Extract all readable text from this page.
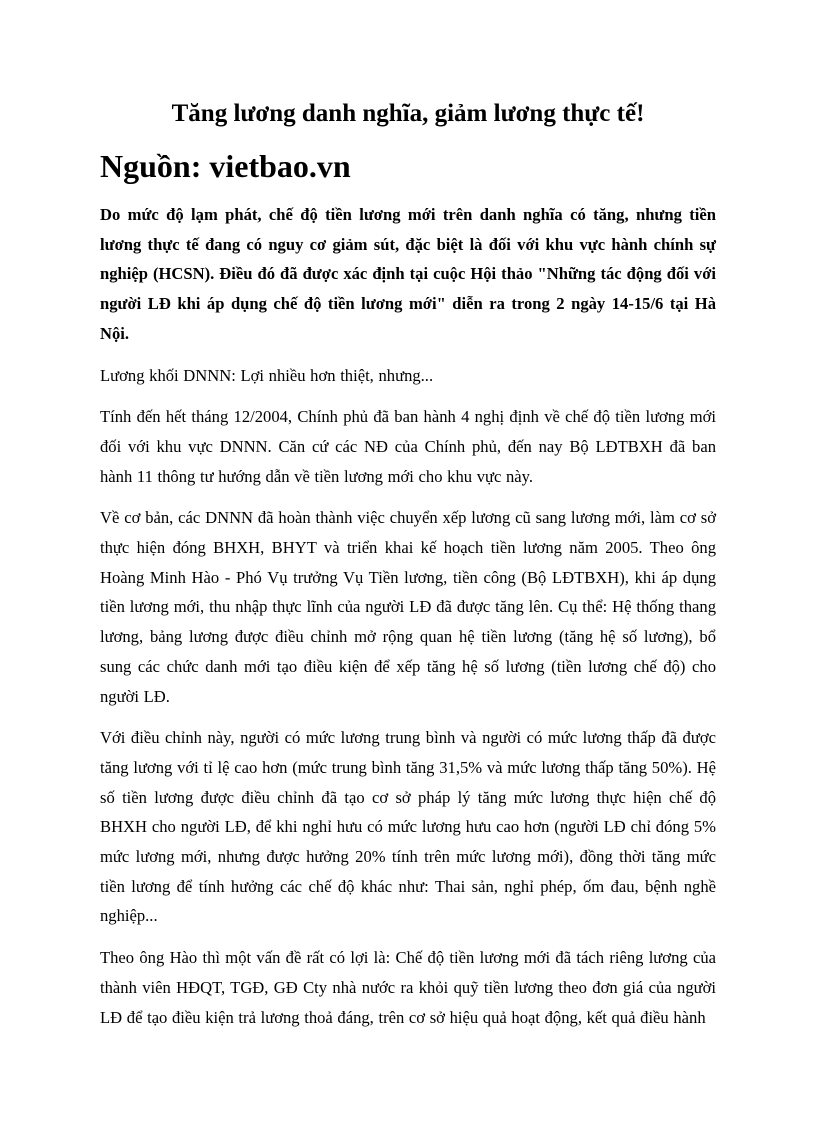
Tăng lương danh nghĩa, giảm lương thực tế!
Nguồn: vietbao.vn

Do mức độ lạm phát, chế độ tiền lương mới trên danh nghĩa có tăng, nhưng tiền lương thực tế đang có nguy cơ giảm sút, đặc biệt là đối với khu vực hành chính sự nghiệp (HCSN). Điều đó đã được xác định tại cuộc Hội thảo "Những tác động đối với người LĐ khi áp dụng chế độ tiền lương mới" diễn ra trong 2 ngày 14-15/6 tại Hà Nội.

Lương khối DNNN: Lợi nhiều hơn thiệt, nhưng...

Tính đến hết tháng 12/2004, Chính phủ đã ban hành 4 nghị định về chế độ tiền lương mới đối với khu vực DNNN. Căn cứ các NĐ của Chính phủ, đến nay Bộ LĐTBXH đã ban hành 11 thông tư hướng dẫn về tiền lương mới cho khu vực này.

Về cơ bản, các DNNN đã hoàn thành việc chuyển xếp lương cũ sang lương mới, làm cơ sở thực hiện đóng BHXH, BHYT và triển khai kế hoạch tiền lương năm 2005. Theo ông Hoàng Minh Hào - Phó Vụ trưởng Vụ Tiền lương, tiền công (Bộ LĐTBXH), khi áp dụng tiền lương mới, thu nhập thực lĩnh của người LĐ đã được tăng lên. Cụ thể: Hệ thống thang lương, bảng lương được điều chỉnh mở rộng quan hệ tiền lương (tăng hệ số lương), bổ sung các chức danh mới tạo điều kiện để xếp tăng hệ số lương (tiền lương chế độ) cho người LĐ.

Với điều chỉnh này, người có mức lương trung bình và người có mức lương thấp đã được tăng lương với tỉ lệ cao hơn (mức trung bình tăng 31,5% và mức lương thấp tăng 50%). Hệ số tiền lương được điều chỉnh đã tạo cơ sở pháp lý tăng mức lương thực hiện chế độ BHXH cho người LĐ, để khi nghỉ hưu có mức lương hưu cao hơn (người LĐ chỉ đóng 5% mức lương mới, nhưng được hưởng 20% tính trên mức lương mới), đồng thời tăng mức tiền lương để tính hưởng các chế độ khác như: Thai sản, nghỉ phép, ốm đau, bệnh nghề nghiệp...

Theo ông Hào thì một vấn đề rất có lợi là: Chế độ tiền lương mới đã tách riêng lương của thành viên HĐQT, TGĐ, GĐ Cty nhà nước ra khỏi quỹ tiền lương theo đơn giá của người LĐ để tạo điều kiện trả lương thoả đáng, trên cơ sở hiệu quả hoạt động, kết quả điều hành
